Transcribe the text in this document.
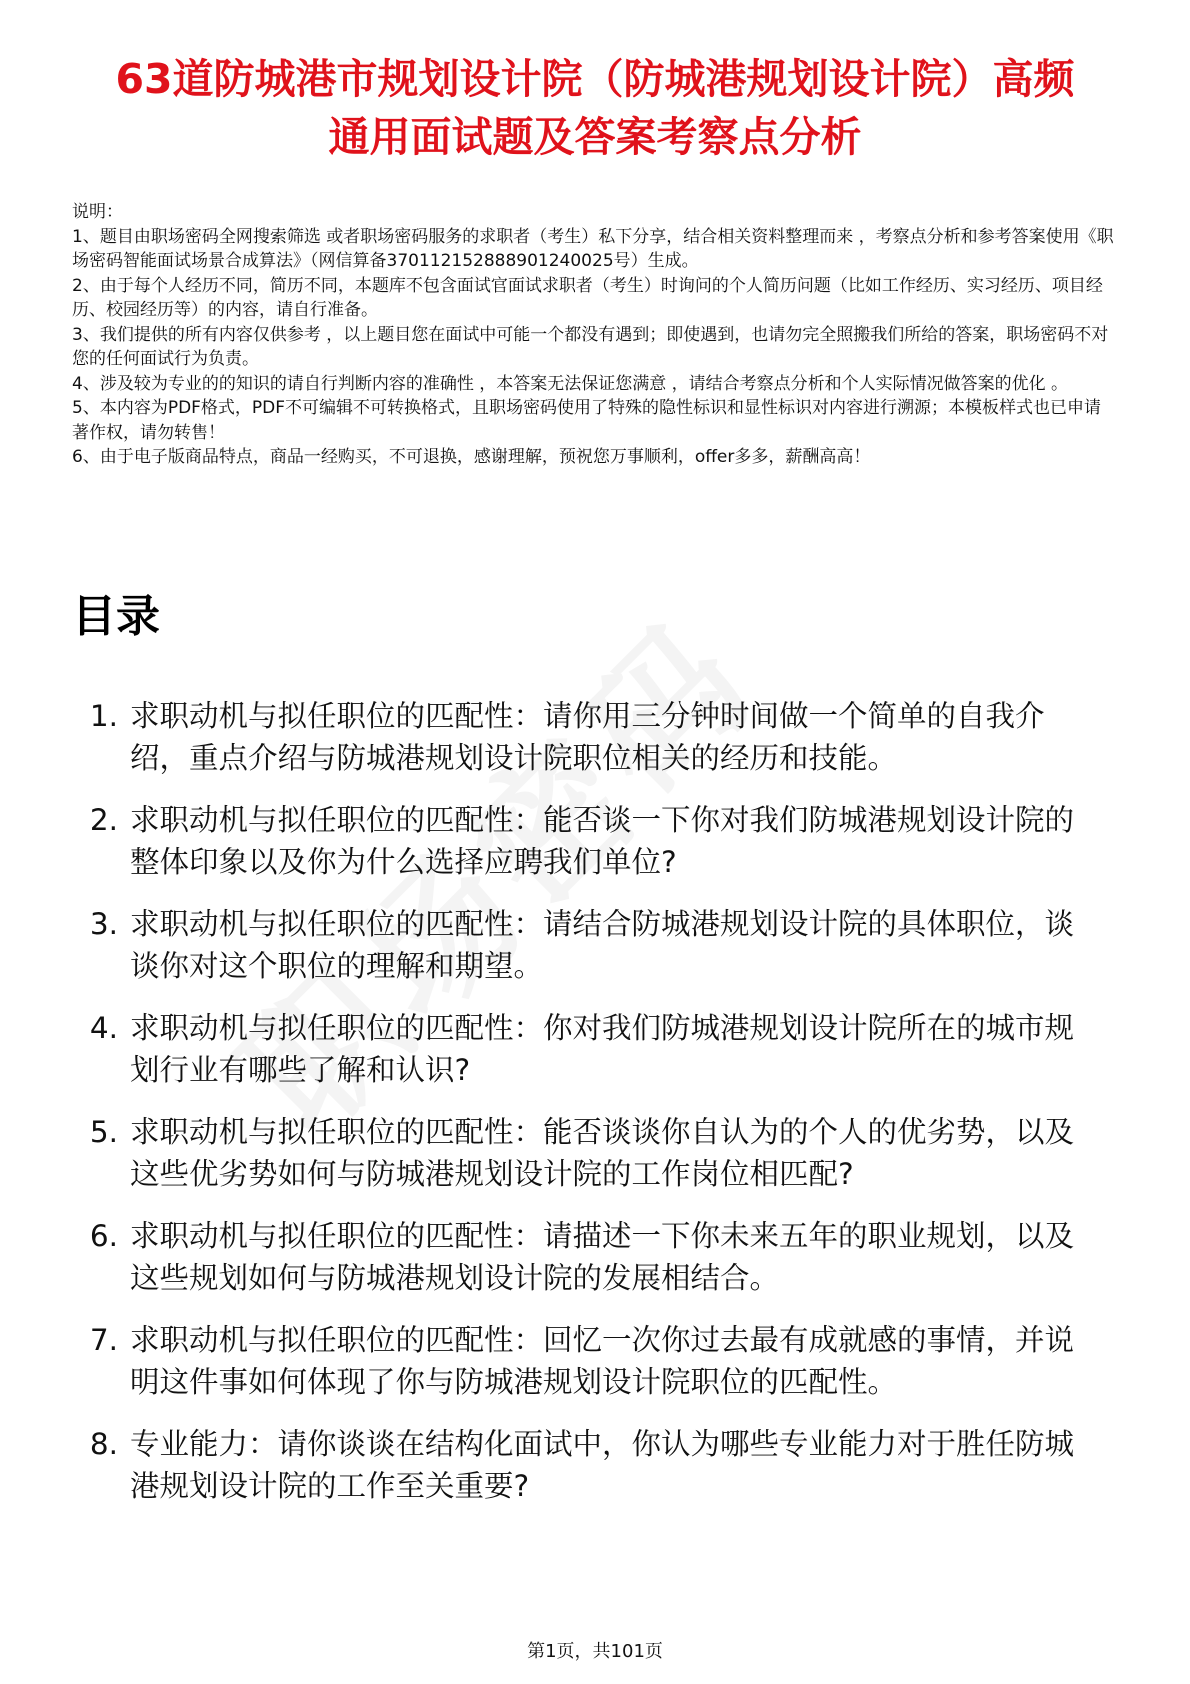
63道防城港市规划设计院（防城港规划设计院）高频通用面试题及答案考察点分析

说明：

1、题目由职场密码全网搜索筛选 或者职场密码服务的求职者（考生）私下分享，结合相关资料整理而来 ，考察点分析和参考答案使用《职场密码智能面试场景合成算法》（网信算备3701121528889​01240025号）生成。

2、由于每个人经历不同，简历不同，本题库不包含面试官面试求职者（考生）时询问的个人简历问题（比如工作经历、实习经历、项目经历、校园经历等）的内容，请自行准备。

3、我们提供的所有内容仅供参考 ，以上题目您在面试中可能一个都没有遇到；即使遇到，也请勿完全照搬我们所给的答案，职场密码不对您的任何面试行为负责。

4、涉及较为专业的的知识的请自行判断内容的准确性 ，本答案无法保证您满意 ，请结合考察点分析和个人实际情况做答案的优化 。

5、本内容为PDF格式，PDF不可编辑不可转换格式，且职场密码使用了特殊的隐性标识和显性标识对内容进行溯源；本模板样式也已申请著作权，请勿转售！

6、由于电子版商品特点，商品一经购买，不可退换，感谢理解，预祝您万事顺利，offer多多，薪酬高高！

目录
1. 求职动机与拟任职位的匹配性：请你用三分钟时间做一个简单的自我介绍，重点介绍与防城港规划设计院职位相关的经历和技能。
2. 求职动机与拟任职位的匹配性：能否谈一下你对我们防城港规划设计院的整体印象以及你为什么选择应聘我们单位?
3. 求职动机与拟任职位的匹配性：请结合防城港规划设计院的具体职位，谈谈你对这个职位的理解和期望。
4. 求职动机与拟任职位的匹配性：你对我们防城港规划设计院所在的城市规划行业有哪些了解和认识?
5. 求职动机与拟任职位的匹配性：能否谈谈你自认为的个人的优劣势，以及这些优劣势如何与防城港规划设计院的工作岗位相匹配?
6. 求职动机与拟任职位的匹配性：请描述一下你未来五年的职业规划，以及这些规划如何与防城港规划设计院的发展相结合。
7. 求职动机与拟任职位的匹配性：回忆一次你过去最有成就感的事情，并说明这件事如何体现了你与防城港规划设计院职位的匹配性。
8. 专业能力：请你谈谈在结构化面试中，你认为哪些专业能力对于胜任防城港规划设计院的工作至关重要?
第1页，共101页
